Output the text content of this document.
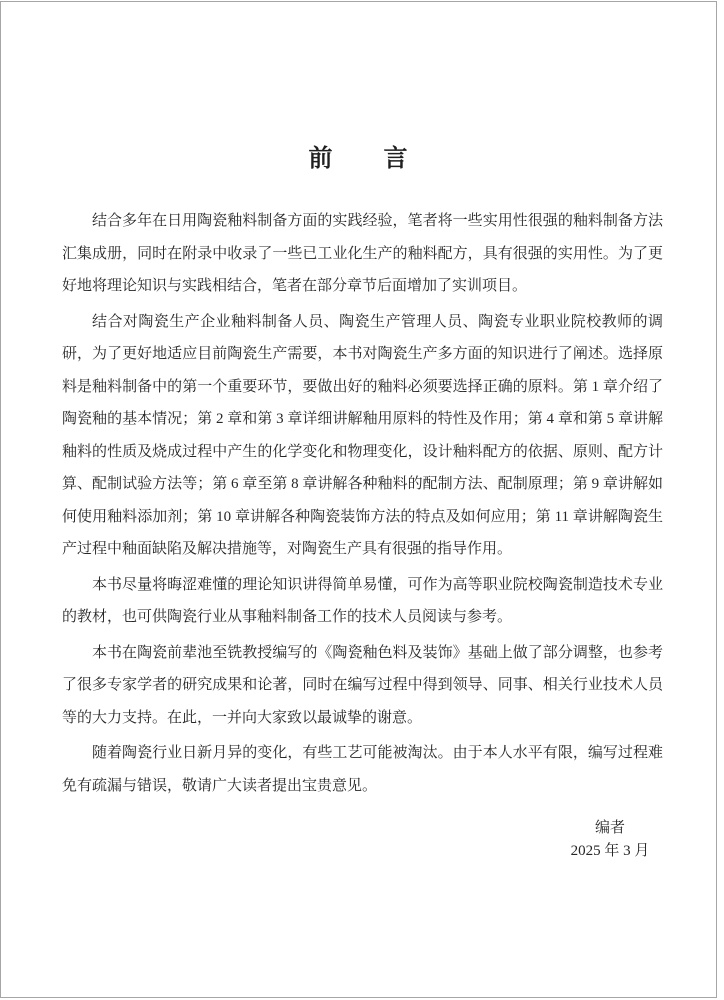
前　　言

结合多年在日用陶瓷釉料制备方面的实践经验，笔者将一些实用性很强的釉料制备方法汇集成册，同时在附录中收录了一些已工业化生产的釉料配方，具有很强的实用性。为了更好地将理论知识与实践相结合，笔者在部分章节后面增加了实训项目。

结合对陶瓷生产企业釉料制备人员、陶瓷生产管理人员、陶瓷专业职业院校教师的调研，为了更好地适应目前陶瓷生产需要，本书对陶瓷生产多方面的知识进行了阐述。选择原料是釉料制备中的第一个重要环节，要做出好的釉料必须要选择正确的原料。第 1 章介绍了陶瓷釉的基本情况；第 2 章和第 3 章详细讲解釉用原料的特性及作用；第 4 章和第 5 章讲解釉料的性质及烧成过程中产生的化学变化和物理变化，设计釉料配方的依据、原则、配方计算、配制试验方法等；第 6 章至第 8 章讲解各种釉料的配制方法、配制原理；第 9 章讲解如何使用釉料添加剂；第 10 章讲解各种陶瓷装饰方法的特点及如何应用；第 11 章讲解陶瓷生产过程中釉面缺陷及解决措施等，对陶瓷生产具有很强的指导作用。

本书尽量将晦涩难懂的理论知识讲得简单易懂，可作为高等职业院校陶瓷制造技术专业的教材，也可供陶瓷行业从事釉料制备工作的技术人员阅读与参考。

本书在陶瓷前辈池至铣教授编写的《陶瓷釉色料及装饰》基础上做了部分调整，也参考了很多专家学者的研究成果和论著，同时在编写过程中得到领导、同事、相关行业技术人员等的大力支持。在此，一并向大家致以最诚挚的谢意。

随着陶瓷行业日新月异的变化，有些工艺可能被淘汰。由于本人水平有限，编写过程难免有疏漏与错误，敬请广大读者提出宝贵意见。

编者
2025 年 3 月
